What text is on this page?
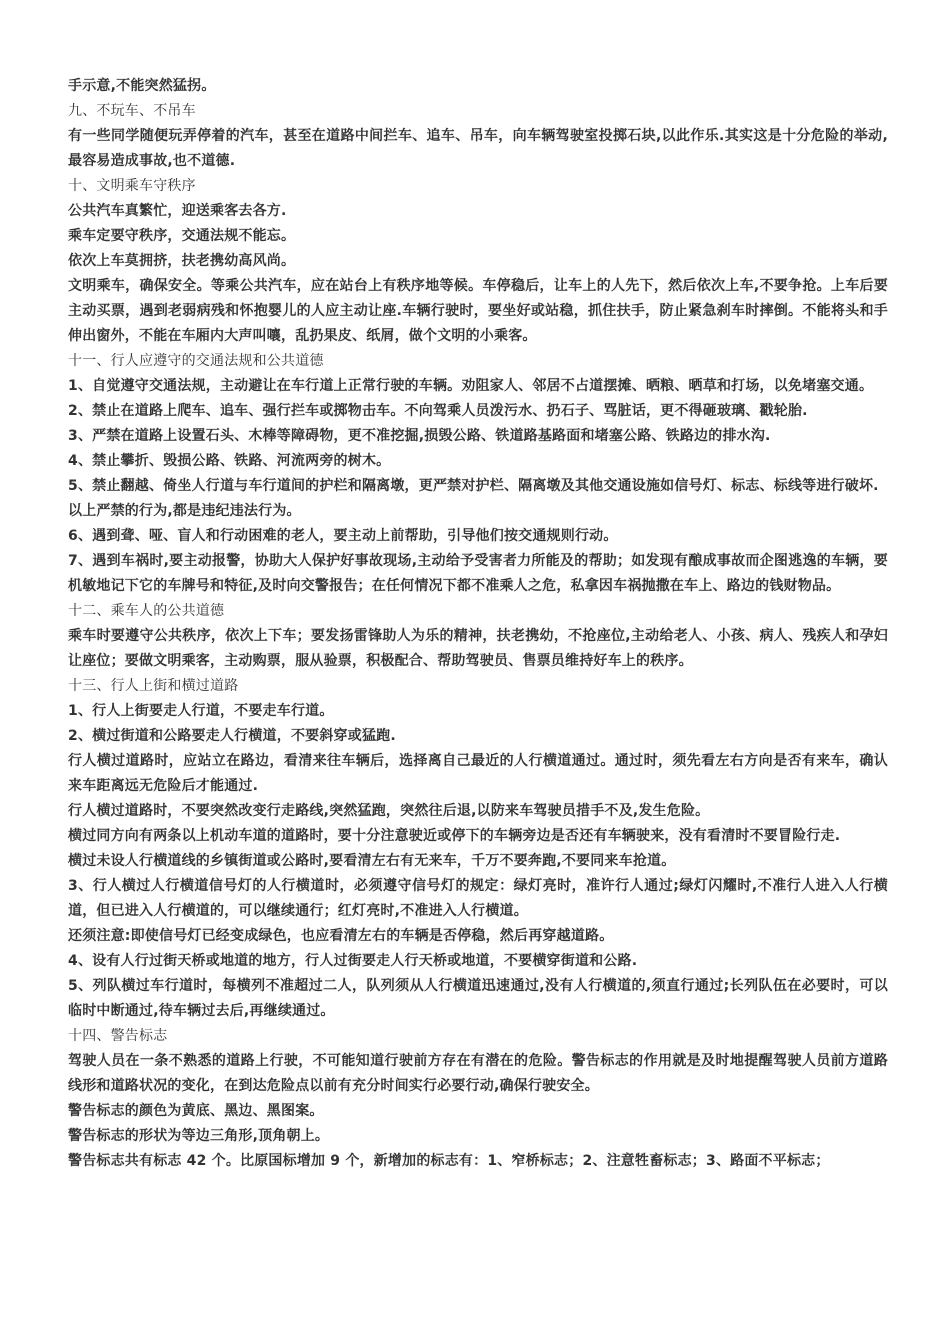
手示意,不能突然猛拐。

九、不玩车、不吊车

有一些同学随便玩弄停着的汽车，甚至在道路中间拦车、追车、吊车，向车辆驾驶室投掷石块,以此作乐.其实这是十分危险的举动,最容易造成事故,也不道德.

十、文明乘车守秩序

公共汽车真繁忙，迎送乘客去各方.

乘车定要守秩序，交通法规不能忘。

依次上车莫拥挤，扶老携幼高风尚。

文明乘车，确保安全。等乘公共汽车，应在站台上有秩序地等候。车停稳后，让车上的人先下，然后依次上车,不要争抢。上车后要主动买票，遇到老弱病残和怀抱婴儿的人应主动让座.车辆行驶时，要坐好或站稳，抓住扶手，防止紧急刹车时摔倒。不能将头和手伸出窗外，不能在车厢内大声叫嚷，乱扔果皮、纸屑，做个文明的小乘客。

十一、行人应遵守的交通法规和公共道德

1、自觉遵守交通法规，主动避让在车行道上正常行驶的车辆。劝阻家人、邻居不占道摆摊、晒粮、晒草和打场，以免堵塞交通。

2、禁止在道路上爬车、追车、强行拦车或掷物击车。不向驾乘人员泼污水、扔石子、骂脏话，更不得砸玻璃、戳轮胎.

3、严禁在道路上设置石头、木棒等障碍物，更不准挖掘,损毁公路、铁道路基路面和堵塞公路、铁路边的排水沟.

4、禁止攀折、毁损公路、铁路、河流两旁的树木。

5、禁止翻越、倚坐人行道与车行道间的护栏和隔离墩，更严禁对护栏、隔离墩及其他交通设施如信号灯、标志、标线等进行破坏.

以上严禁的行为,都是违纪违法行为。

6、遇到聋、哑、盲人和行动困难的老人，要主动上前帮助，引导他们按交通规则行动。

7、遇到车祸时,要主动报警，协助大人保护好事故现场,主动给予受害者力所能及的帮助；如发现有酿成事故而企图逃逸的车辆，要机敏地记下它的车牌号和特征,及时向交警报告；在任何情况下都不准乘人之危，私拿因车祸抛撒在车上、路边的钱财物品。

十二、乘车人的公共道德

乘车时要遵守公共秩序，依次上下车；要发扬雷锋助人为乐的精神，扶老携幼，不抢座位,主动给老人、小孩、病人、残疾人和孕妇让座位；要做文明乘客，主动购票，服从验票，积极配合、帮助驾驶员、售票员维持好车上的秩序。

十三、行人上街和横过道路

1、行人上街要走人行道，不要走车行道。

2、横过街道和公路要走人行横道，不要斜穿或猛跑.

行人横过道路时，应站立在路边，看清来往车辆后，选择离自己最近的人行横道通过。通过时，须先看左右方向是否有来车，确认来车距离远无危险后才能通过.

行人横过道路时，不要突然改变行走路线,突然猛跑，突然往后退,以防来车驾驶员措手不及,发生危险。

横过同方向有两条以上机动车道的道路时，要十分注意驶近或停下的车辆旁边是否还有车辆驶来，没有看清时不要冒险行走.

横过未设人行横道线的乡镇街道或公路时,要看清左右有无来车，千万不要奔跑,不要同来车抢道。

3、行人横过人行横道信号灯的人行横道时，必须遵守信号灯的规定：绿灯亮时，准许行人通过;绿灯闪耀时,不准行人进入人行横道，但已进入人行横道的，可以继续通行；红灯亮时,不准进入人行横道。

还须注意:即使信号灯已经变成绿色，也应看清左右的车辆是否停稳，然后再穿越道路。

4、设有人行过街天桥或地道的地方，行人过街要走人行天桥或地道，不要横穿街道和公路.

5、列队横过车行道时，每横列不准超过二人，队列须从人行横道迅速通过,没有人行横道的,须直行通过;长列队伍在必要时，可以临时中断通过,待车辆过去后,再继续通过。

十四、警告标志

驾驶人员在一条不熟悉的道路上行驶，不可能知道行驶前方存在有潜在的危险。警告标志的作用就是及时地提醒驾驶人员前方道路线形和道路状况的变化，在到达危险点以前有充分时间实行必要行动,确保行驶安全。

警告标志的颜色为黄底、黑边、黑图案。

警告标志的形状为等边三角形,顶角朝上。

警告标志共有标志 42 个。比原国标增加 9 个，新增加的标志有：1、窄桥标志；2、注意牲畜标志；3、路面不平标志；
